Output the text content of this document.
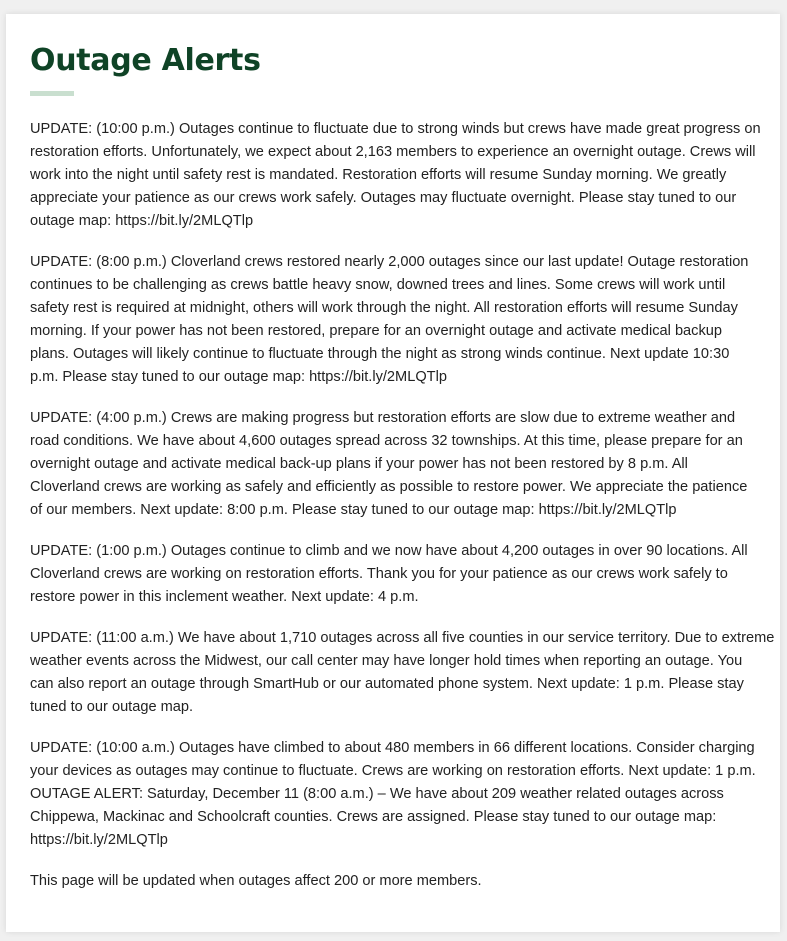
Outage Alerts

UPDATE: (10:00 p.m.) Outages continue to fluctuate due to strong winds but crews have made great progress on
restoration efforts. Unfortunately, we expect about 2,163 members to experience an overnight outage. Crews will
work into the night until safety rest is mandated. Restoration efforts will resume Sunday morning. We greatly
appreciate your patience as our crews work safely. Outages may fluctuate overnight. Please stay tuned to our
outage map: https://bit.ly/2MLQTlp

UPDATE: (8:00 p.m.) Cloverland crews restored nearly 2,000 outages since our last update! Outage restoration
continues to be challenging as crews battle heavy snow, downed trees and lines. Some crews will work until
safety rest is required at midnight, others will work through the night. All restoration efforts will resume Sunday
morning. If your power has not been restored, prepare for an overnight outage and activate medical backup
plans. Outages will likely continue to fluctuate through the night as strong winds continue. Next update 10:30
p.m. Please stay tuned to our outage map: https://bit.ly/2MLQTlp

UPDATE: (4:00 p.m.) Crews are making progress but restoration efforts are slow due to extreme weather and
road conditions. We have about 4,600 outages spread across 32 townships. At this time, please prepare for an
overnight outage and activate medical back-up plans if your power has not been restored by 8 p.m. All
Cloverland crews are working as safely and efficiently as possible to restore power. We appreciate the patience
of our members. Next update: 8:00 p.m. Please stay tuned to our outage map: https://bit.ly/2MLQTlp

UPDATE: (1:00 p.m.) Outages continue to climb and we now have about 4,200 outages in over 90 locations. All
Cloverland crews are working on restoration efforts. Thank you for your patience as our crews work safely to
restore power in this inclement weather. Next update: 4 p.m.

UPDATE: (11:00 a.m.) We have about 1,710 outages across all five counties in our service territory. Due to extreme
weather events across the Midwest, our call center may have longer hold times when reporting an outage. You
can also report an outage through SmartHub or our automated phone system. Next update: 1 p.m. Please stay
tuned to our outage map.

UPDATE: (10:00 a.m.) Outages have climbed to about 480 members in 66 different locations. Consider charging
your devices as outages may continue to fluctuate. Crews are working on restoration efforts. Next update: 1 p.m.
OUTAGE ALERT: Saturday, December 11 (8:00 a.m.) – We have about 209 weather related outages across
Chippewa, Mackinac and Schoolcraft counties. Crews are assigned. Please stay tuned to our outage map:
https://bit.ly/2MLQTlp

This page will be updated when outages affect 200 or more members.
